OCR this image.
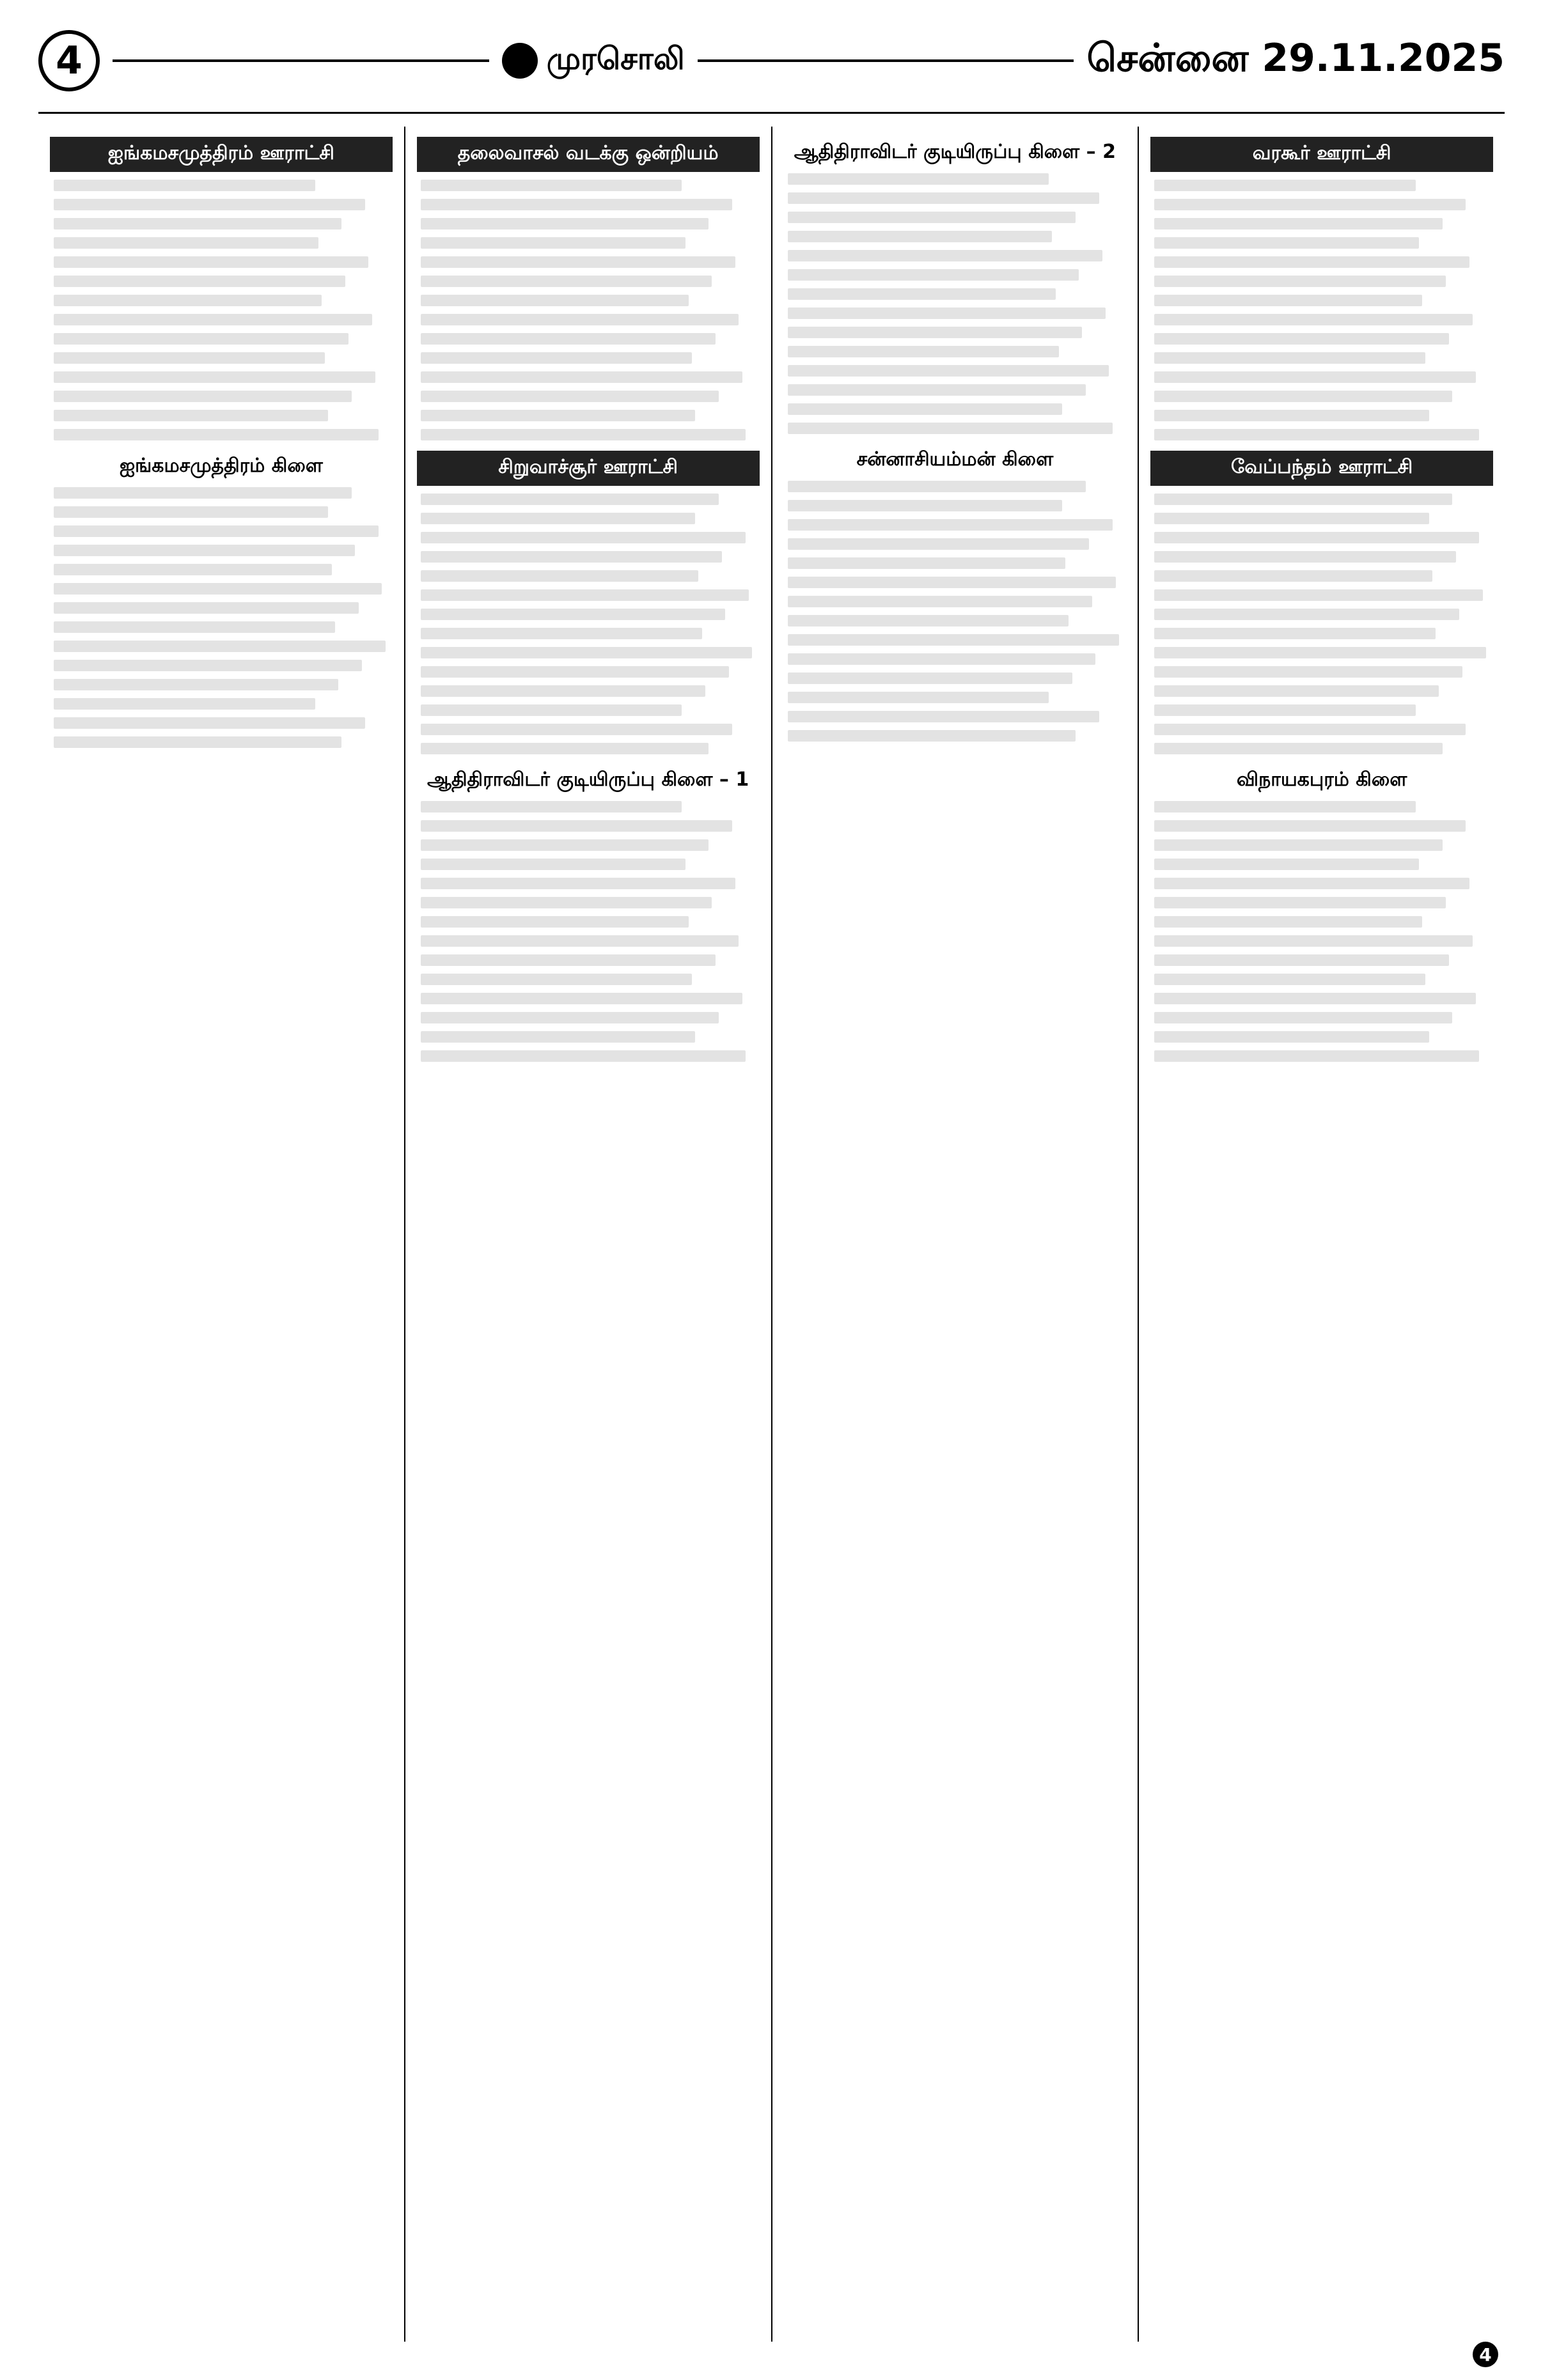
4	முரசொலி	சென்னை 29.11.2025
ஐங்கமசமுத்திரம் ஊராட்சி
ஐங்கமசமுத்திரம் கிளை
தலைவாசல் வடக்கு ஒன்றியம்
சிறுவாச்சூர் ஊராட்சி
ஆதிதிராவிடர் குடியிருப்பு கிளை – 1
ஆதிதிராவிடர் குடியிருப்பு கிளை – 2
சன்னாசியம்மன் கிளை
வரகூர் ஊராட்சி
வேப்பந்தம் ஊராட்சி
விநாயகபுரம் கிளை
4
